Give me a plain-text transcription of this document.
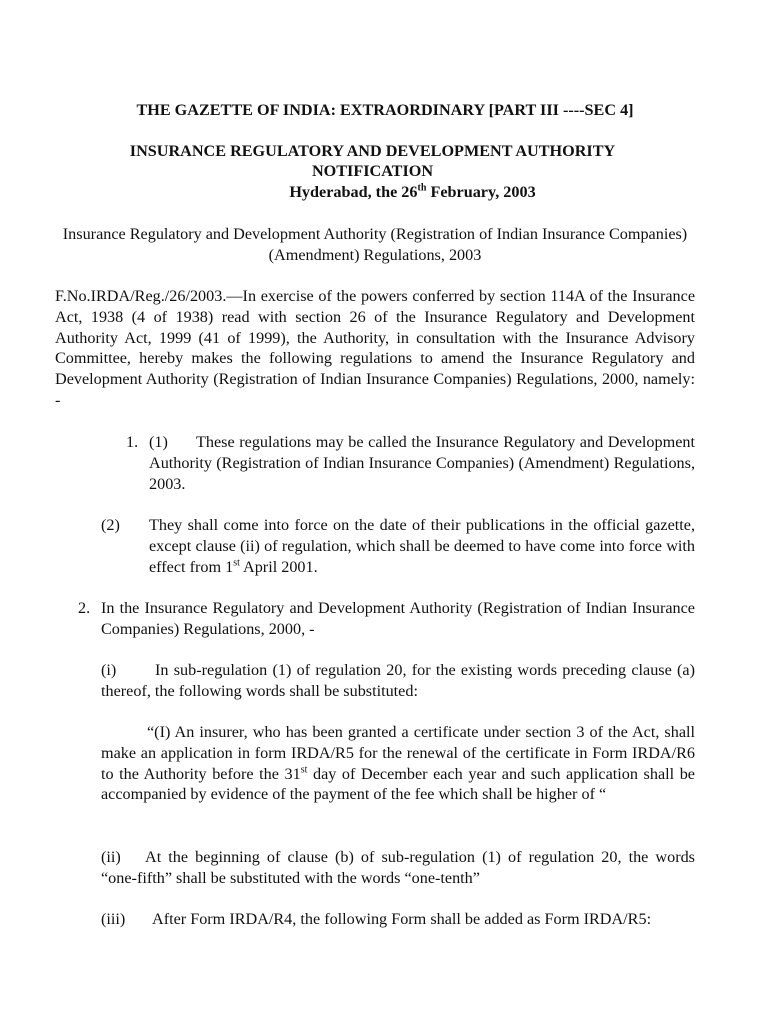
THE GAZETTE OF INDIA: EXTRAORDINARY [PART III ----SEC 4]

INSURANCE REGULATORY AND DEVELOPMENT AUTHORITY

NOTIFICATION

Hyderabad, the 26th February, 2003

Insurance Regulatory and Development Authority (Registration of Indian Insurance Companies) (Amendment) Regulations, 2003

F.No.IRDA/Reg./26/2003.—In exercise of the powers conferred by section 114A of the Insurance Act, 1938 (4 of 1938) read with section 26 of the Insurance Regulatory and Development Authority Act, 1999 (41 of 1999), the Authority, in consultation with the Insurance Advisory Committee, hereby makes the following regulations to amend the Insurance Regulatory and Development Authority (Registration of Indian Insurance Companies) Regulations, 2000, namely: -

1. (1)	These regulations may be called the Insurance Regulatory and Development Authority (Registration of Indian Insurance Companies) (Amendment) Regulations, 2003.

(2) They shall come into force on the date of their publications in the official gazette, except clause (ii) of regulation, which shall be deemed to have come into force with effect from 1st April 2001.

2. In the Insurance Regulatory and Development Authority (Registration of Indian Insurance Companies) Regulations, 2000, -

(i)	In sub-regulation (1) of regulation 20, for the existing words preceding clause (a) thereof, the following words shall be substituted:

“(I) An insurer, who has been granted a certificate under section 3 of the Act, shall make an application in form IRDA/R5 for the renewal of the certificate in Form IRDA/R6 to the Authority before the 31st day of December each year and such application shall be accompanied by evidence of the payment of the fee which shall be higher of “

(ii)	At the beginning of clause (b) of sub-regulation (1) of regulation 20, the words “one-fifth” shall be substituted with the words “one-tenth”

(iii)	After Form IRDA/R4, the following Form shall be added as Form IRDA/R5:
